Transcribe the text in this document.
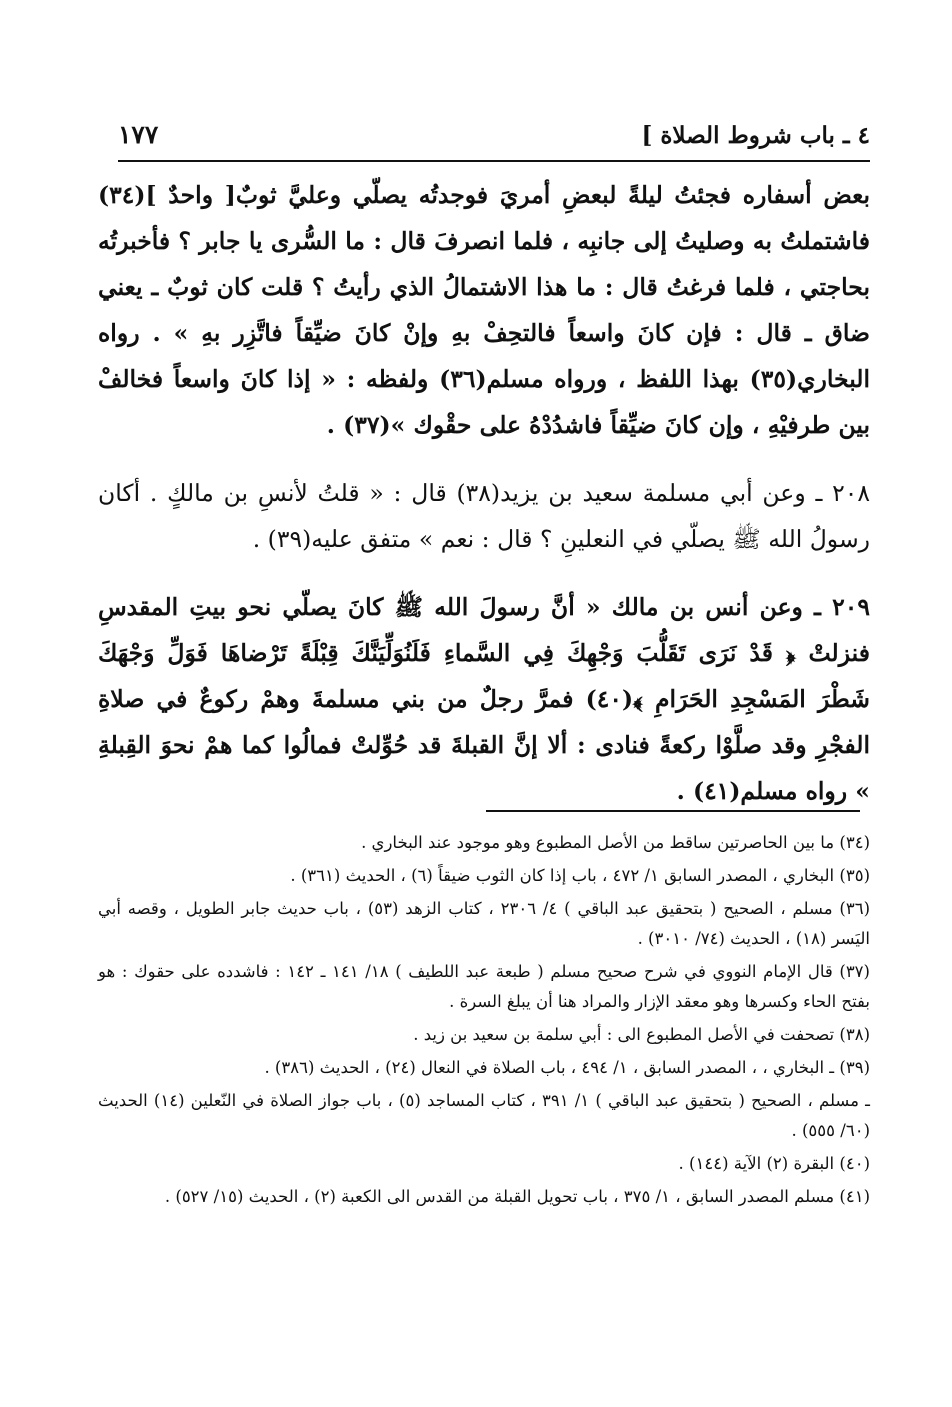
٤ ـ باب شروط الصلاة ]
١٧٧

بعض أسفاره فجئتُ ليلةً لبعضِ أمريَ فوجدتُه يصلّي وعليَّ ثوبٌ[ واحدٌ ](٣٤) فاشتملتُ به وصليتُ إلى جانبِه ، فلما انصرفَ قال : ما السُّرى يا جابر ؟ فأخبرتُه بحاجتي ، فلما فرغتُ قال : ما هذا الاشتمالُ الذي رأيتُ ؟ قلت كان ثوبٌ ـ يعني ضاق ـ قال : فإن كانَ واسعاً فالتحِفْ بهِ وإنْ كانَ ضيِّقاً فاتَّزِر بهِ » . رواه البخاري(٣٥) بهذا اللفظ ، ورواه مسلم(٣٦) ولفظه : « إذا كانَ واسعاً فخالفْ بين طرفيْهِ ، وإن كانَ ضيِّقاً فاشدُدْهُ على حقْوك »(٣٧) .

٢٠٨ ـ وعن أبي مسلمة سعيد بن يزيد(٣٨) قال : « قلتُ لأنسِ بن مالكٍ . أكان رسولُ الله ﷺ يصلّي في النعلينِ ؟ قال : نعم » متفق عليه(٣٩) .

٢٠٩ ـ وعن أنس بن مالك « أنَّ رسولَ الله ﷺ كانَ يصلّي نحو بيتِ المقدسِ فنزلتْ ﴿ قَدْ نَرَى تَقَلُّبَ وَجْهِكَ فِي السَّماءِ فَلَنُوَلِّيَنَّكَ قِبْلَةً تَرْضاهَا فَوَلِّ وَجْهَكَ شَطْرَ المَسْجِدِ الحَرَامِ ﴾(٤٠) فمرَّ رجلٌ من بني مسلمةَ وهمْ ركوعٌ في صلاةِ الفجْرِ وقد صلَّوْا ركعةً فنادى : ألا إنَّ القبلةَ قد حُوِّلتْ فمالُوا كما همْ نحوَ القِبلةِ » رواه مسلم(٤١) .

(٣٤) ما بين الحاصرتين ساقط من الأصل المطبوع وهو موجود عند البخاري .

(٣٥) البخاري ، المصدر السابق ١/ ٤٧٢ ، باب إذا كان الثوب ضيقاً (٦) ، الحديث (٣٦١) .

(٣٦) مسلم ، الصحيح ( بتحقيق عبد الباقي ) ٤/ ٢٣٠٦ ، كتاب الزهد (٥٣) ، باب حديث جابر الطويل ، وقصه أبي اليَسر (١٨) ، الحديث (٧٤/ ٣٠١٠) .

(٣٧) قال الإمام النووي في شرح صحيح مسلم ( طبعة عبد اللطيف ) ١٨/ ١٤١ ـ ١٤٢ : فاشدده على حقوك : هو بفتح الحاء وكسرها وهو معقد الإزار والمراد هنا أن يبلغ السرة .

(٣٨) تصحفت في الأصل المطبوع الى : أبي سلمة بن سعيد بن زيد .

(٣٩) ـ البخاري ، ، المصدر السابق ، ١/ ٤٩٤ ، باب الصلاة في النعال (٢٤) ، الحديث (٣٨٦) .

ـ مسلم ، الصحيح ( بتحقيق عبد الباقي ) ١/ ٣٩١ ، كتاب المساجد (٥) ، باب جواز الصلاة في النّعلين (١٤) الحديث (٦٠/ ٥٥٥) .

(٤٠) البقرة (٢) الآية (١٤٤) .

(٤١) مسلم المصدر السابق ، ١/ ٣٧٥ ، باب تحويل القبلة من القدس الى الكعبة (٢) ، الحديث (١٥/ ٥٢٧) .
